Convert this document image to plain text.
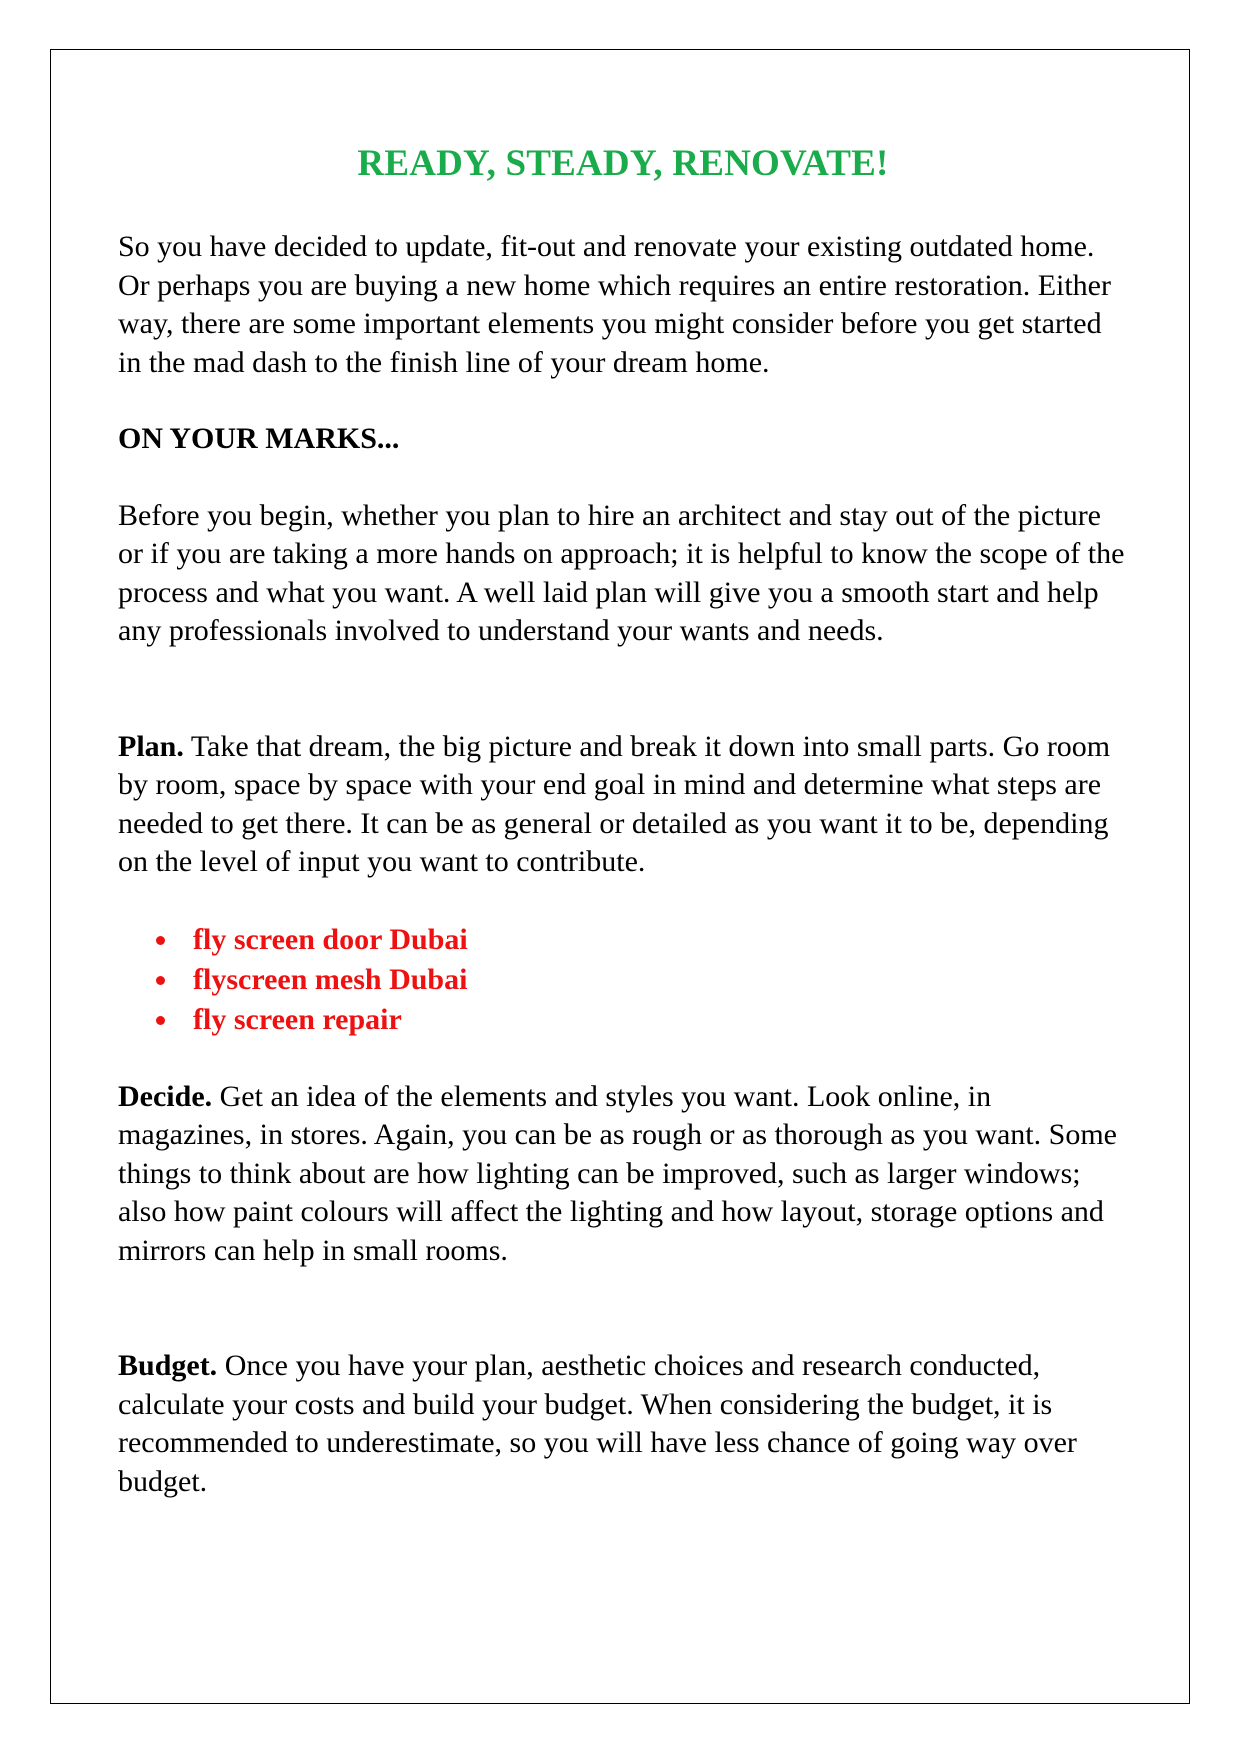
READY, STEADY, RENOVATE!

So you have decided to update, fit-out and renovate your existing outdated home. Or perhaps you are buying a new home which requires an entire restoration. Either way, there are some important elements you might consider before you get started in the mad dash to the finish line of your dream home.

ON YOUR MARKS...

Before you begin, whether you plan to hire an architect and stay out of the picture or if you are taking a more hands on approach; it is helpful to know the scope of the process and what you want. A well laid plan will give you a smooth start and help any professionals involved to understand your wants and needs.

Plan. Take that dream, the big picture and break it down into small parts. Go room by room, space by space with your end goal in mind and determine what steps are needed to get there. It can be as general or detailed as you want it to be, depending on the level of input you want to contribute.

fly screen door Dubai
flyscreen mesh Dubai
fly screen repair

Decide. Get an idea of the elements and styles you want. Look online, in magazines, in stores. Again, you can be as rough or as thorough as you want. Some things to think about are how lighting can be improved, such as larger windows; also how paint colours will affect the lighting and how layout, storage options and mirrors can help in small rooms.

Budget. Once you have your plan, aesthetic choices and research conducted, calculate your costs and build your budget. When considering the budget, it is recommended to underestimate, so you will have less chance of going way over budget.
